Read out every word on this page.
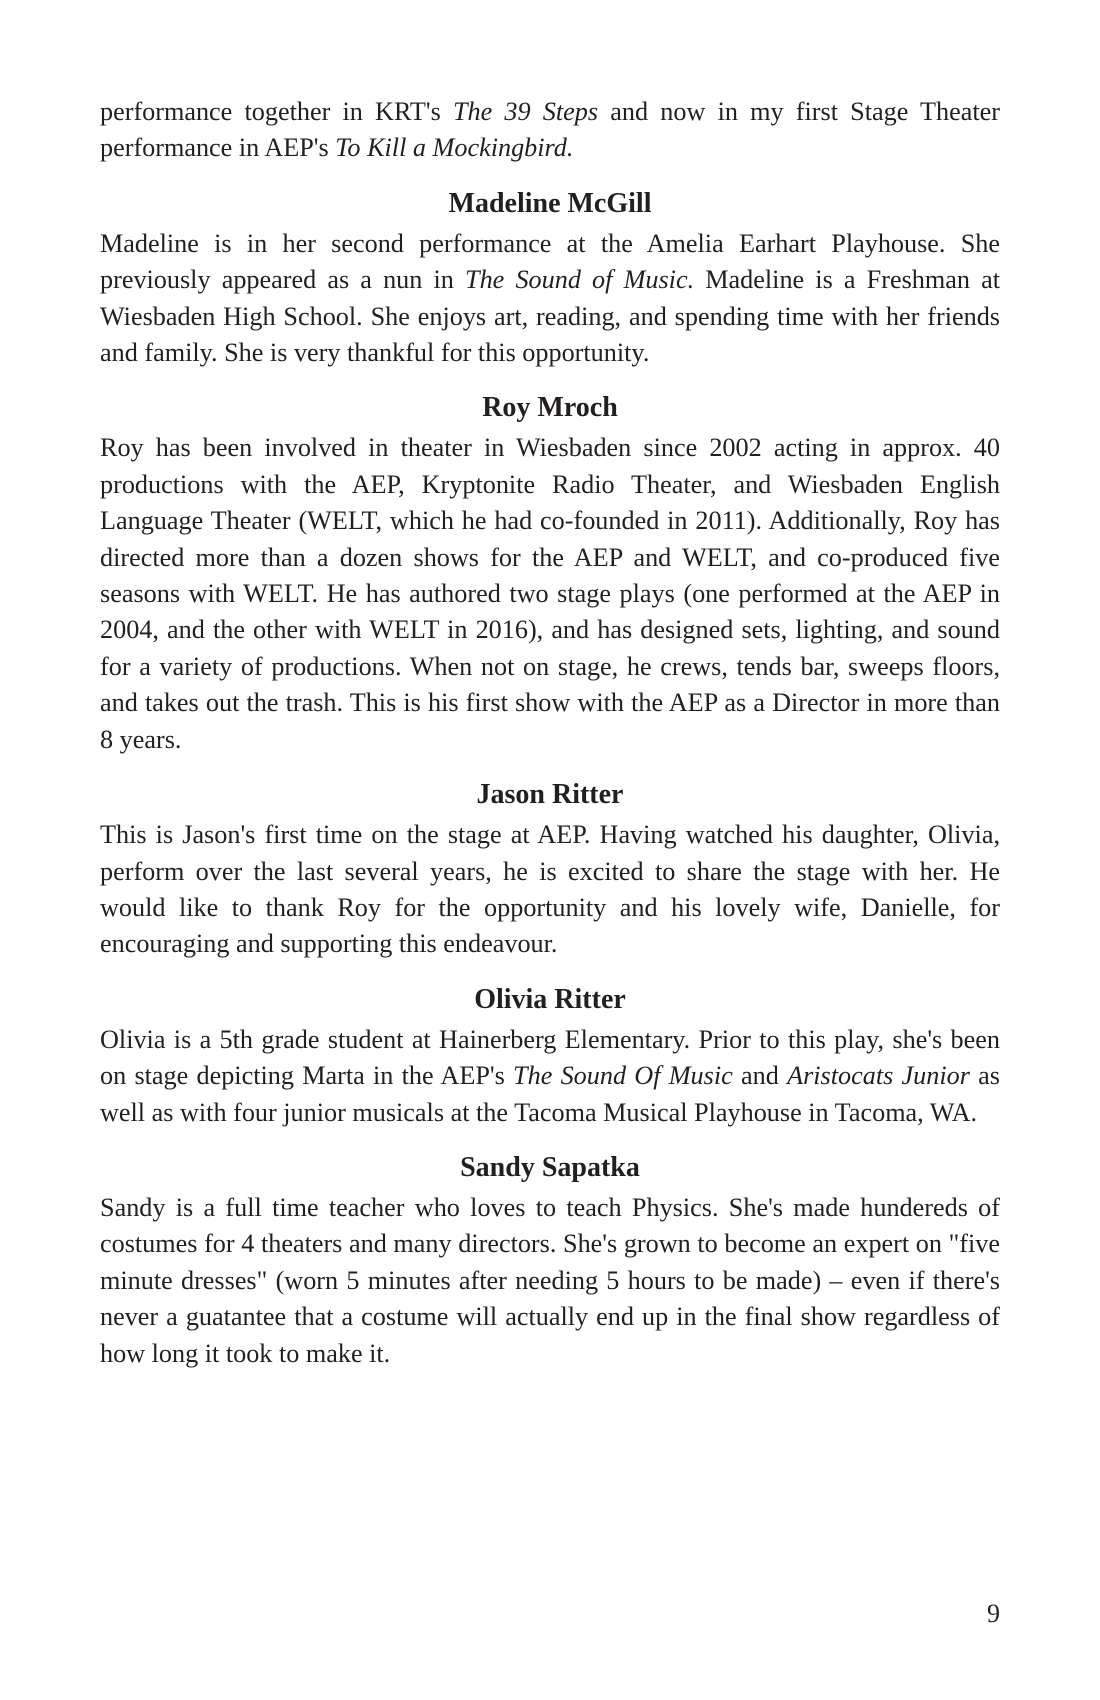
performance together in KRT's The 39 Steps and now in my first Stage Theater performance in AEP's To Kill a Mockingbird.

Madeline McGill

Madeline is in her second performance at the Amelia Earhart Playhouse. She previously appeared as a nun in The Sound of Music. Madeline is a Freshman at Wiesbaden High School. She enjoys art, reading, and spending time with her friends and family. She is very thankful for this opportunity.

Roy Mroch

Roy has been involved in theater in Wiesbaden since 2002 acting in approx. 40 productions with the AEP, Kryptonite Radio Theater, and Wiesbaden English Language Theater (WELT, which he had co-founded in 2011). Additionally, Roy has directed more than a dozen shows for the AEP and WELT, and co-produced five seasons with WELT. He has authored two stage plays (one performed at the AEP in 2004, and the other with WELT in 2016), and has designed sets, lighting, and sound for a variety of productions. When not on stage, he crews, tends bar, sweeps floors, and takes out the trash. This is his first show with the AEP as a Director in more than 8 years.

Jason Ritter

This is Jason's first time on the stage at AEP. Having watched his daughter, Olivia, perform over the last several years, he is excited to share the stage with her. He would like to thank Roy for the opportunity and his lovely wife, Danielle, for encouraging and supporting this endeavour.

Olivia Ritter

Olivia is a 5th grade student at Hainerberg Elementary. Prior to this play, she's been on stage depicting Marta in the AEP's The Sound Of Music and Aristocats Junior as well as with four junior musicals at the Tacoma Musical Playhouse in Tacoma, WA.

Sandy Sapatka

Sandy is a full time teacher who loves to teach Physics. She's made hundereds of costumes for 4 theaters and many directors. She's grown to become an expert on "five minute dresses" (worn 5 minutes after needing 5 hours to be made) – even if there's never a guatantee that a costume will actually end up in the final show regardless of how long it took to make it.

9
